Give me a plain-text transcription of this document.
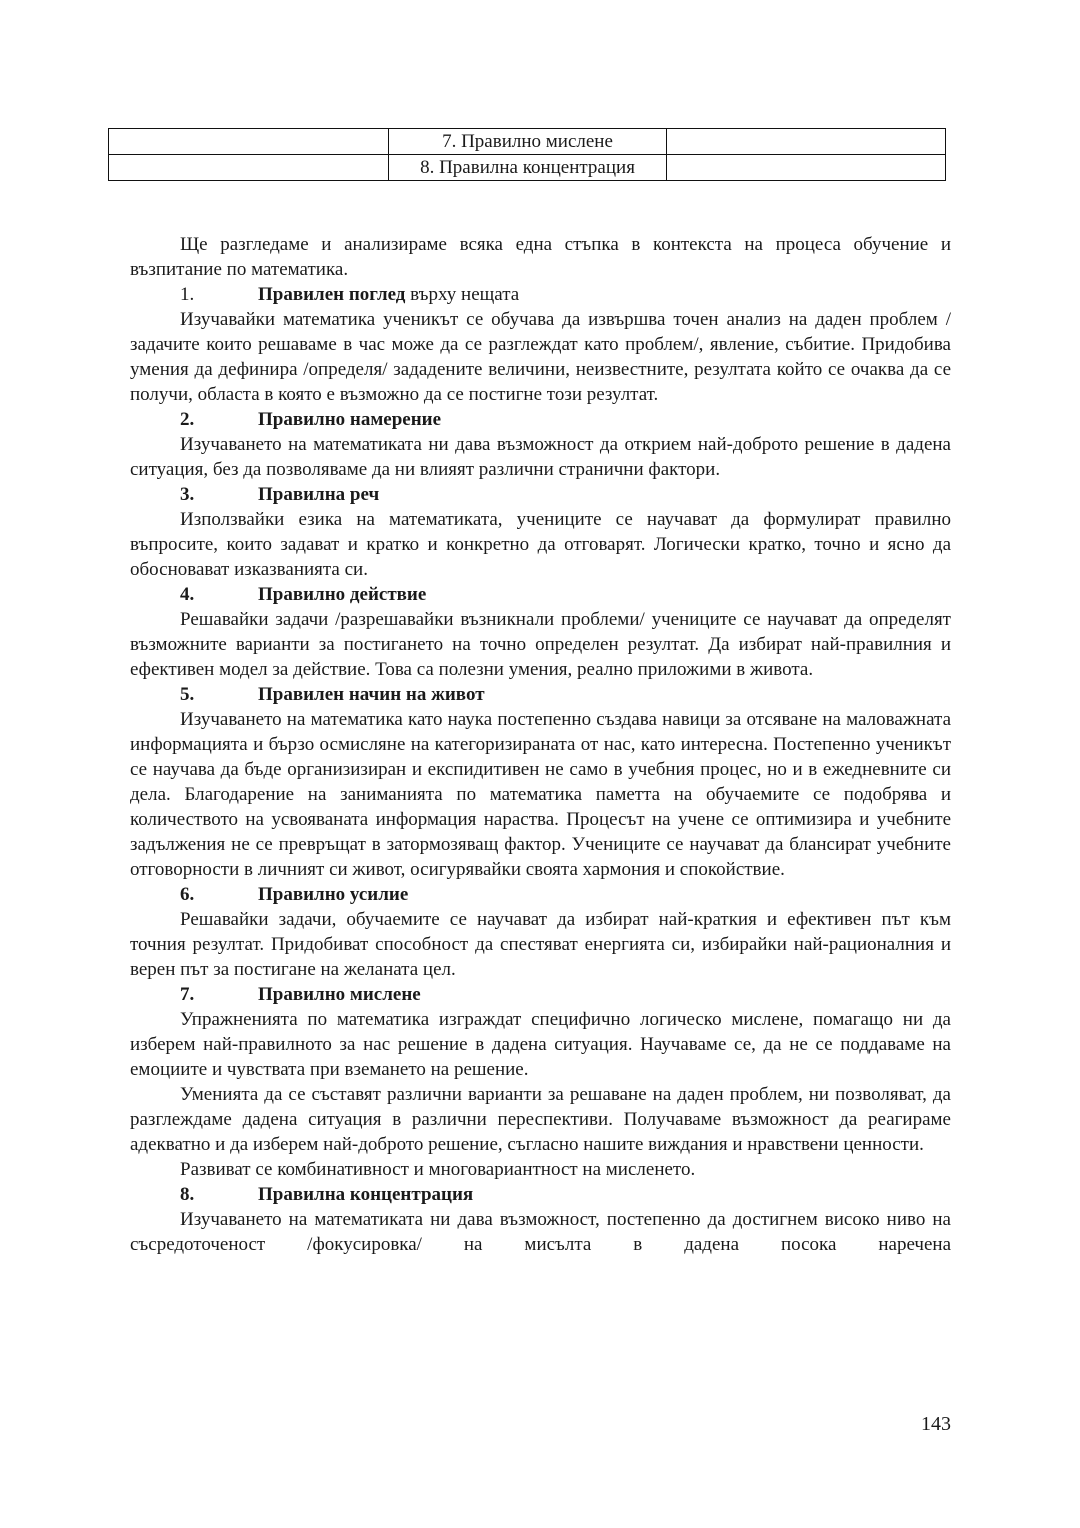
	7. Правилно мислене	
	8. Правилна концентрация	

Ще разгледаме и анализираме всяка една стъпка в контекста на процеса обучение и възпитание по математика.

1.	Правилен поглед върху нещата

Изучавайки математика ученикът се обучава да извършва точен анализ на даден проблем /задачите които решаваме в час може да се разглеждат като проблем/, явление, събитие. Придобива умения да дефинира /определя/ зададените величини, неизвестните, резултата който се очаква да се получи, областа в която е възможно да се постигне този резултат.

2.	Правилно намерение

Изучаването на математиката ни дава възможност да открием най-доброто решение в дадена ситуация, без да позволяваме да ни влияят различни странични фактори.

3.	Правилна реч

Използвайки езика на математиката, учениците се научават да формулират правилно въпросите, които задават и кратко и конкретно да отговарят. Логически кратко, точно и ясно да обосновават изказванията си.

4.	Правилно действие

Решавайки задачи /разрешавайки възникнали проблеми/ учениците се научават да определят възможните варианти за постигането на точно определен резултат. Да избират най-правилния и ефективен модел за действие. Това са полезни умения, реално приложими в живота.

5.	Правилен начин на живот

Изучаването на математика като наука постепенно създава навици за отсяване на маловажната информацията и бързо осмисляне на категоризираната от нас, като интересна. Постепенно ученикът се научава да бъде организизиран и експидитивен не само в учебния процес, но и в ежедневните си дела. Благодарение на заниманията по математика паметта на обучаемите се подобрява и количеството на усвояваната информация нараства. Процесът на учене се оптимизира и учебните задължения не се превръщат в затормозяващ фактор. Учениците се научават да блансират учебните отговорности в личният си живот, осигурявайки своята хармония и спокойствие.

6.	Правилно усилие

Решавайки задачи, обучаемите се научават да избират най-краткия и ефективен път към точния резултат. Придобиват способност да спестяват енергията си, избирайки най-рационалния и верен път за постигане на желаната цел.

7.	Правилно мислене

Упражненията по математика изграждат специфично логическо мислене, помагащо ни да изберем най-правилното за нас решение в дадена ситуация. Научаваме се, да не се поддаваме на емоциите и чувствата при вземането на решение.

Уменията да се съставят различни варианти за решаване на даден проблем, ни позволяват, да разглеждаме дадена ситуация в различни переспективи. Получаваме възможност да реагираме адекватно и да изберем най-доброто решение, съгласно нашите виждания и нравствени ценности.

Развиват се комбинативност и многовариантност на мисленето.

8.	Правилна концентрация

Изучаването на математиката ни дава възможност, постепенно да достигнем високо ниво на съсредоточеност /фокусировка/ на мисълта в дадена посока наречена

143
